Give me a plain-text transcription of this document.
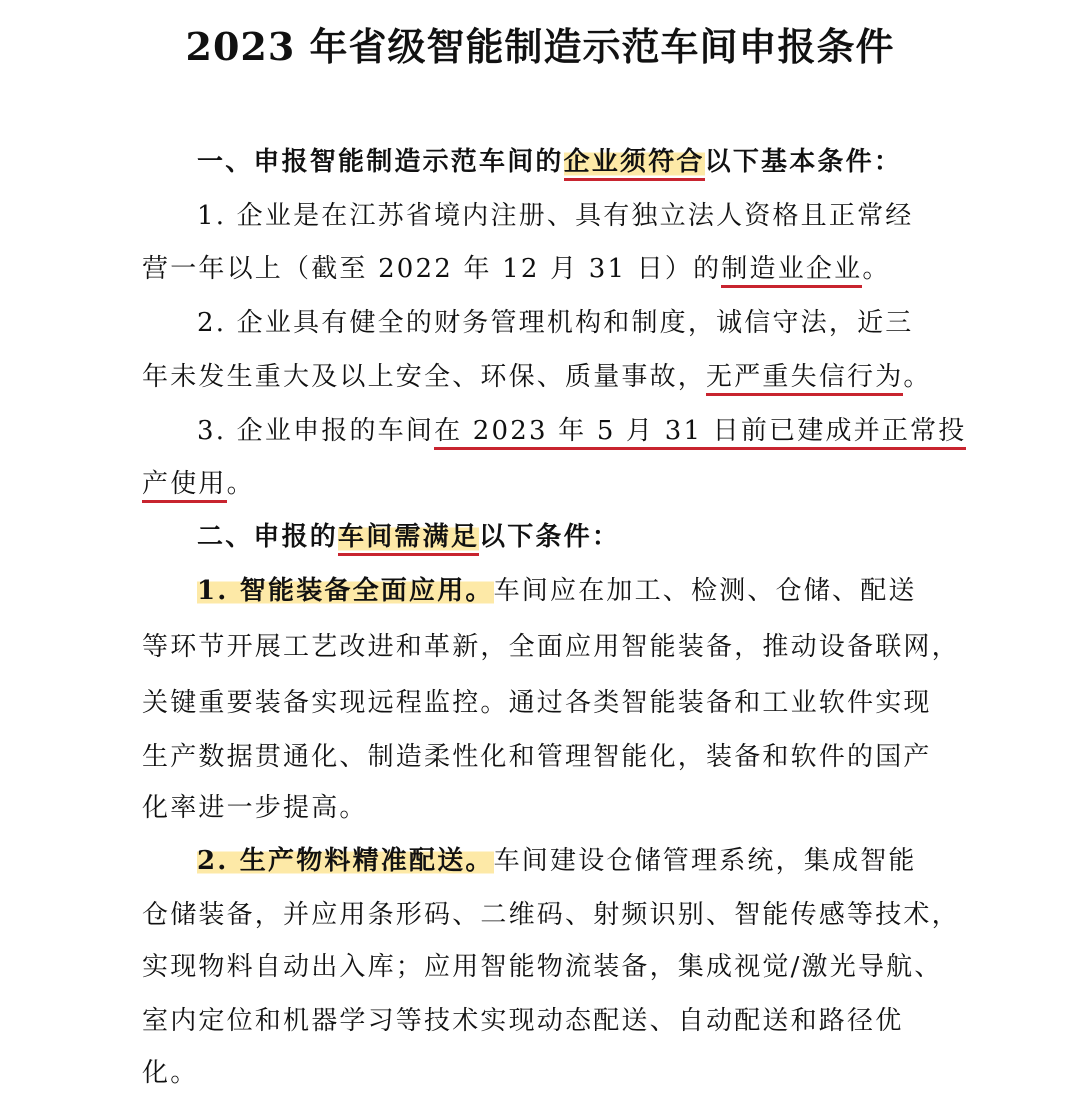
2023 年省级智能制造示范车间申报条件
一、申报智能制造示范车间的企业须符合以下基本条件：
1. 企业是在江苏省境内注册、具有独立法人资格且正常经
营一年以上（截至 2022 年 12 月 31 日）的制造业企业。
2. 企业具有健全的财务管理机构和制度，诚信守法，近三
年未发生重大及以上安全、环保、质量事故，无严重失信行为。
3. 企业申报的车间在 2023 年 5 月 31 日前已建成并正常投
产使用。
二、申报的车间需满足以下条件：
1. 智能装备全面应用。车间应在加工、检测、仓储、配送
等环节开展工艺改进和革新，全面应用智能装备，推动设备联网，
关键重要装备实现远程监控。通过各类智能装备和工业软件实现
生产数据贯通化、制造柔性化和管理智能化，装备和软件的国产
化率进一步提高。
2. 生产物料精准配送。车间建设仓储管理系统，集成智能
仓储装备，并应用条形码、二维码、射频识别、智能传感等技术，
实现物料自动出入库；应用智能物流装备，集成视觉/激光导航、
室内定位和机器学习等技术实现动态配送、自动配送和路径优
化。
